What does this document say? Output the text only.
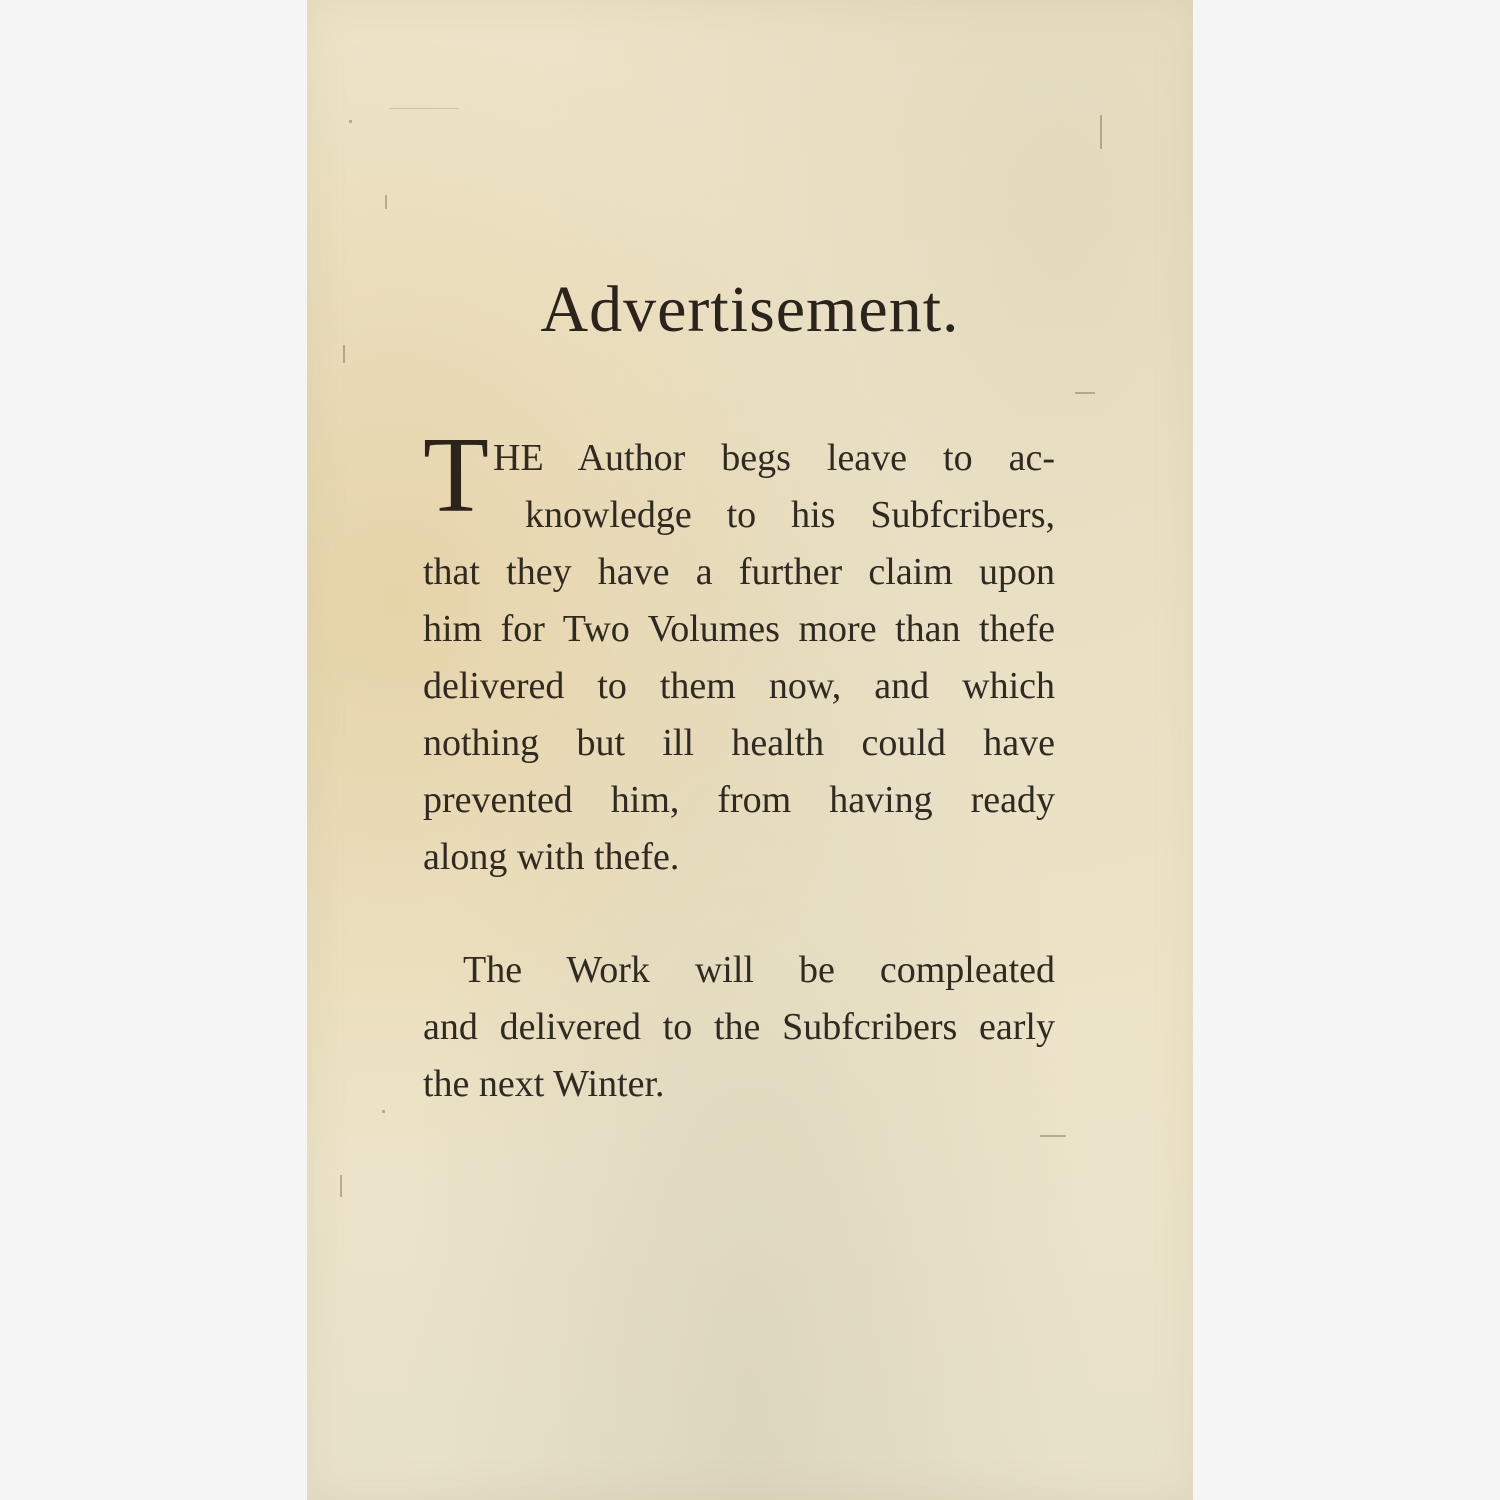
Advertisement.
T HE Author begs leave to ac-
knowledge to his Subfcribers,
that they have a further claim upon
him for Two Volumes more than thefe
delivered to them now, and which
nothing but ill health could have
prevented him, from having ready
along with thefe.
The Work will be compleated
and delivered to the Subfcribers early
the next Winter.
